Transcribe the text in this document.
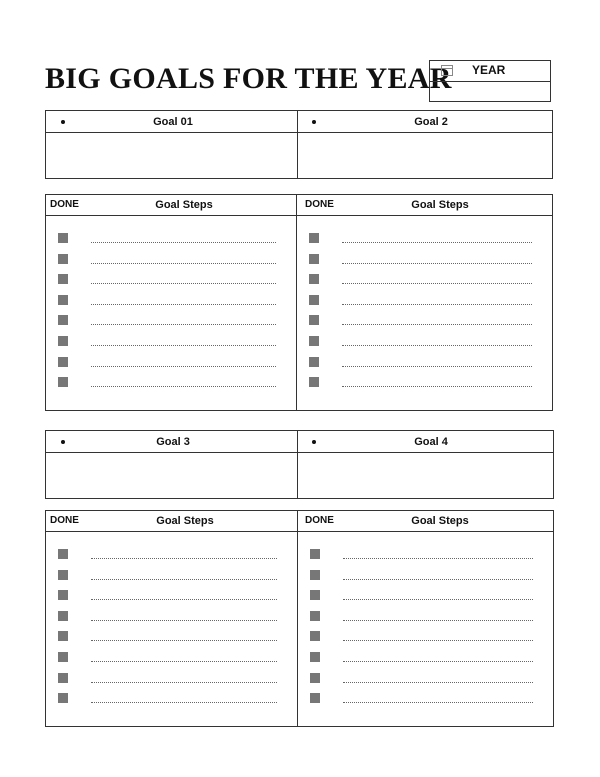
BIG GOALS FOR THE YEAR YEAR
Goal 01	Goal 2
DONE	Goal Steps	DONE	Goal Steps
Goal 3	Goal 4
DONE	Goal Steps	DONE	Goal Steps
